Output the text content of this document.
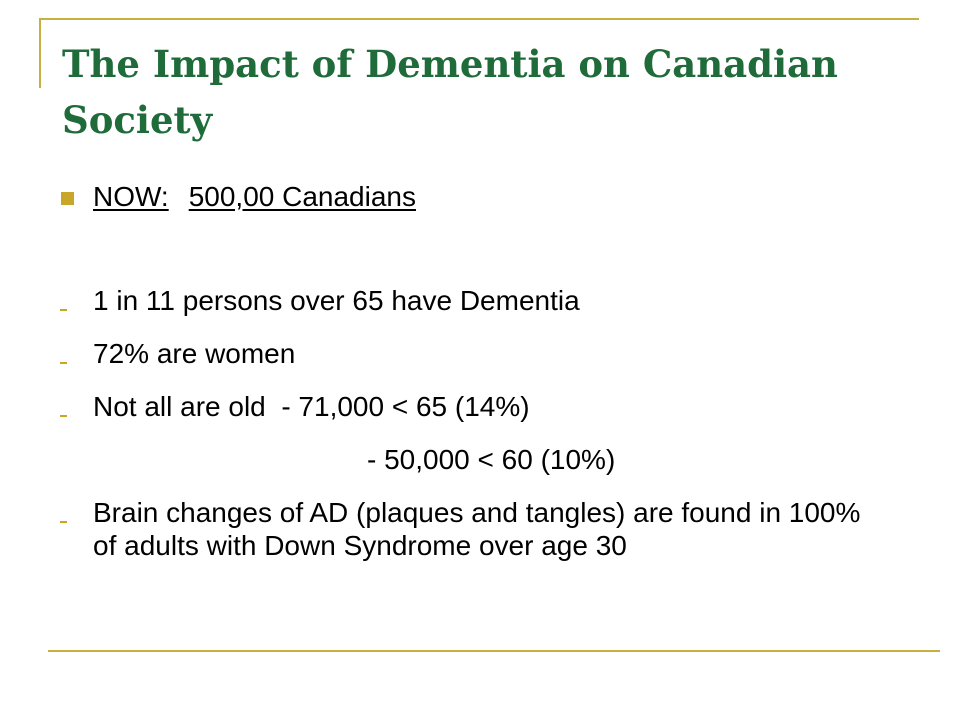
The Impact of Dementia on Canadian Society
NOW: 500,00 Canadians
1 in 11 persons over 65 have Dementia
72% are women
Not all are old  - 71,000 < 65 (14%)
- 50,000 < 60 (10%)
Brain changes of AD (plaques and tangles) are found in 100% of adults with Down Syndrome over age 30
